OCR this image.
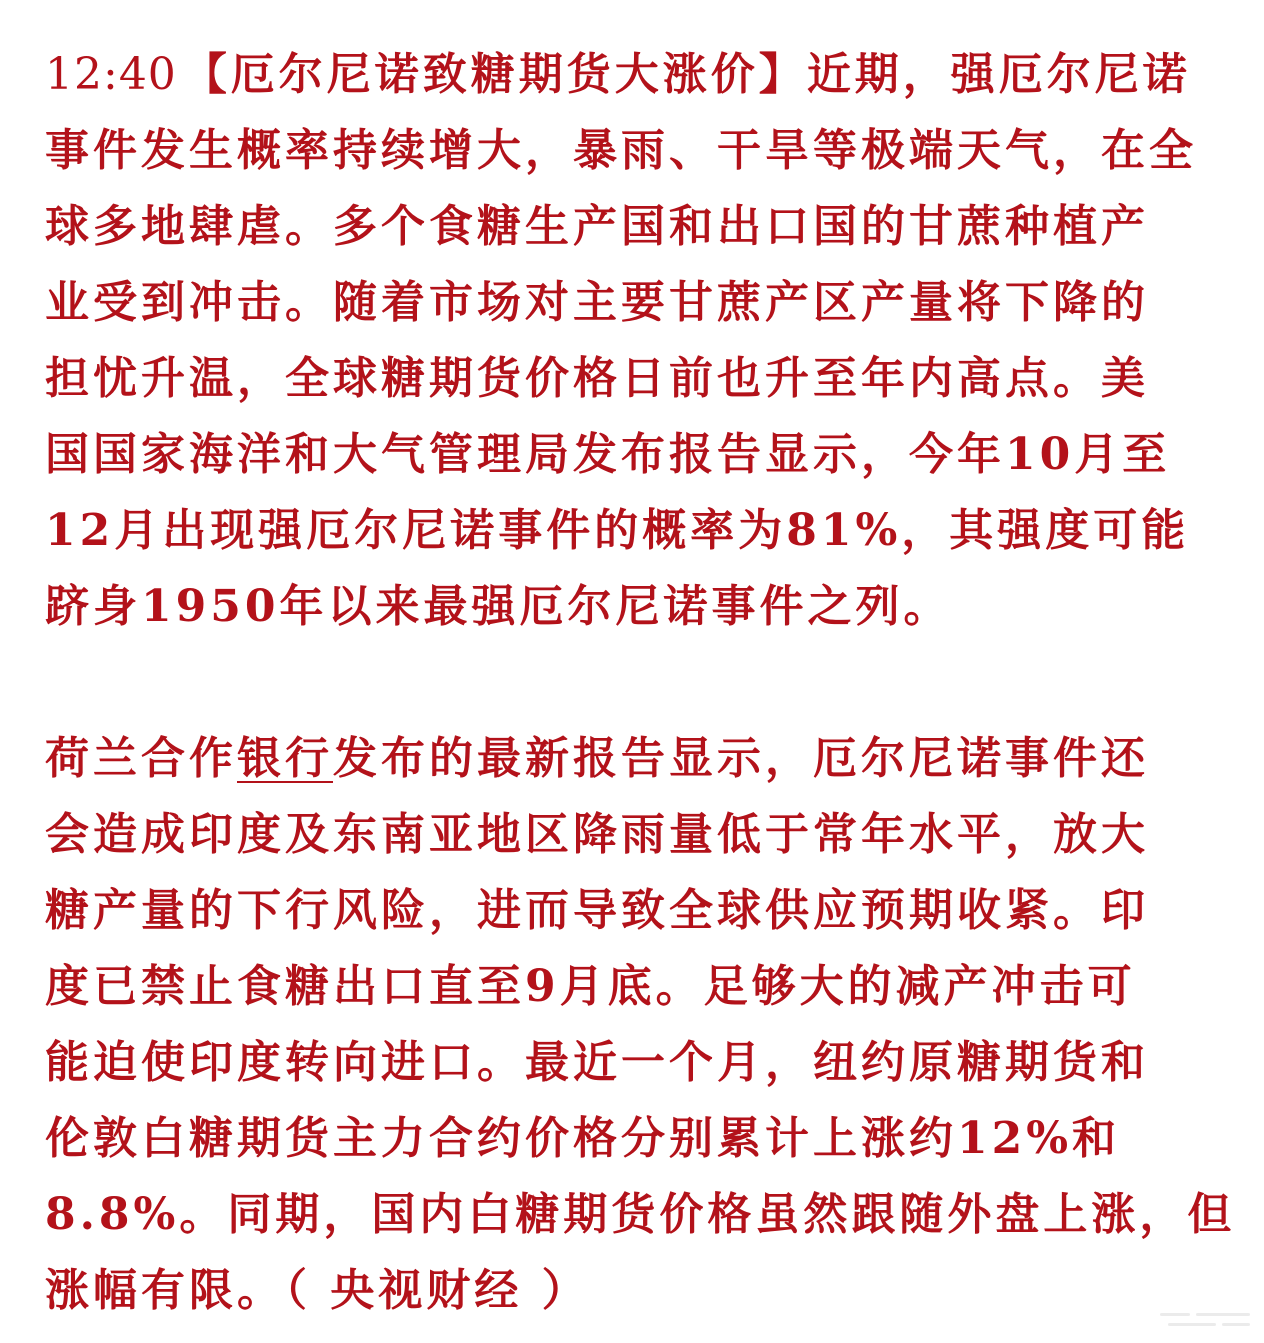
12:40 【厄尔尼诺致糖期货大涨价】近期，强厄尔尼诺
事件发生概率持续增大，暴雨、干旱等极端天气，在全
球多地肆虐。多个食糖生产国和出口国的甘蔗种植产
业受到冲击。随着市场对主要甘蔗产区产量将下降的
担忧升温，全球糖期货价格日前也升至年内高点。美
国国家海洋和大气管理局发布报告显示，今年10月至
12月出现强厄尔尼诺事件的概率为81%，其强度可能
跻身1950年以来最强厄尔尼诺事件之列。
荷兰合作银行发布的最新报告显示，厄尔尼诺事件还
会造成印度及东南亚地区降雨量低于常年水平，放大
糖产量的下行风险，进而导致全球供应预期收紧。印
度已禁止食糖出口直至9月底。足够大的减产冲击可
能迫使印度转向进口。最近一个月，纽约原糖期货和
伦敦白糖期货主力合约价格分别累计上涨约12%和
8.8%。同期，国内白糖期货价格虽然跟随外盘上涨，但
涨幅有限。（ 央视财经 ）
